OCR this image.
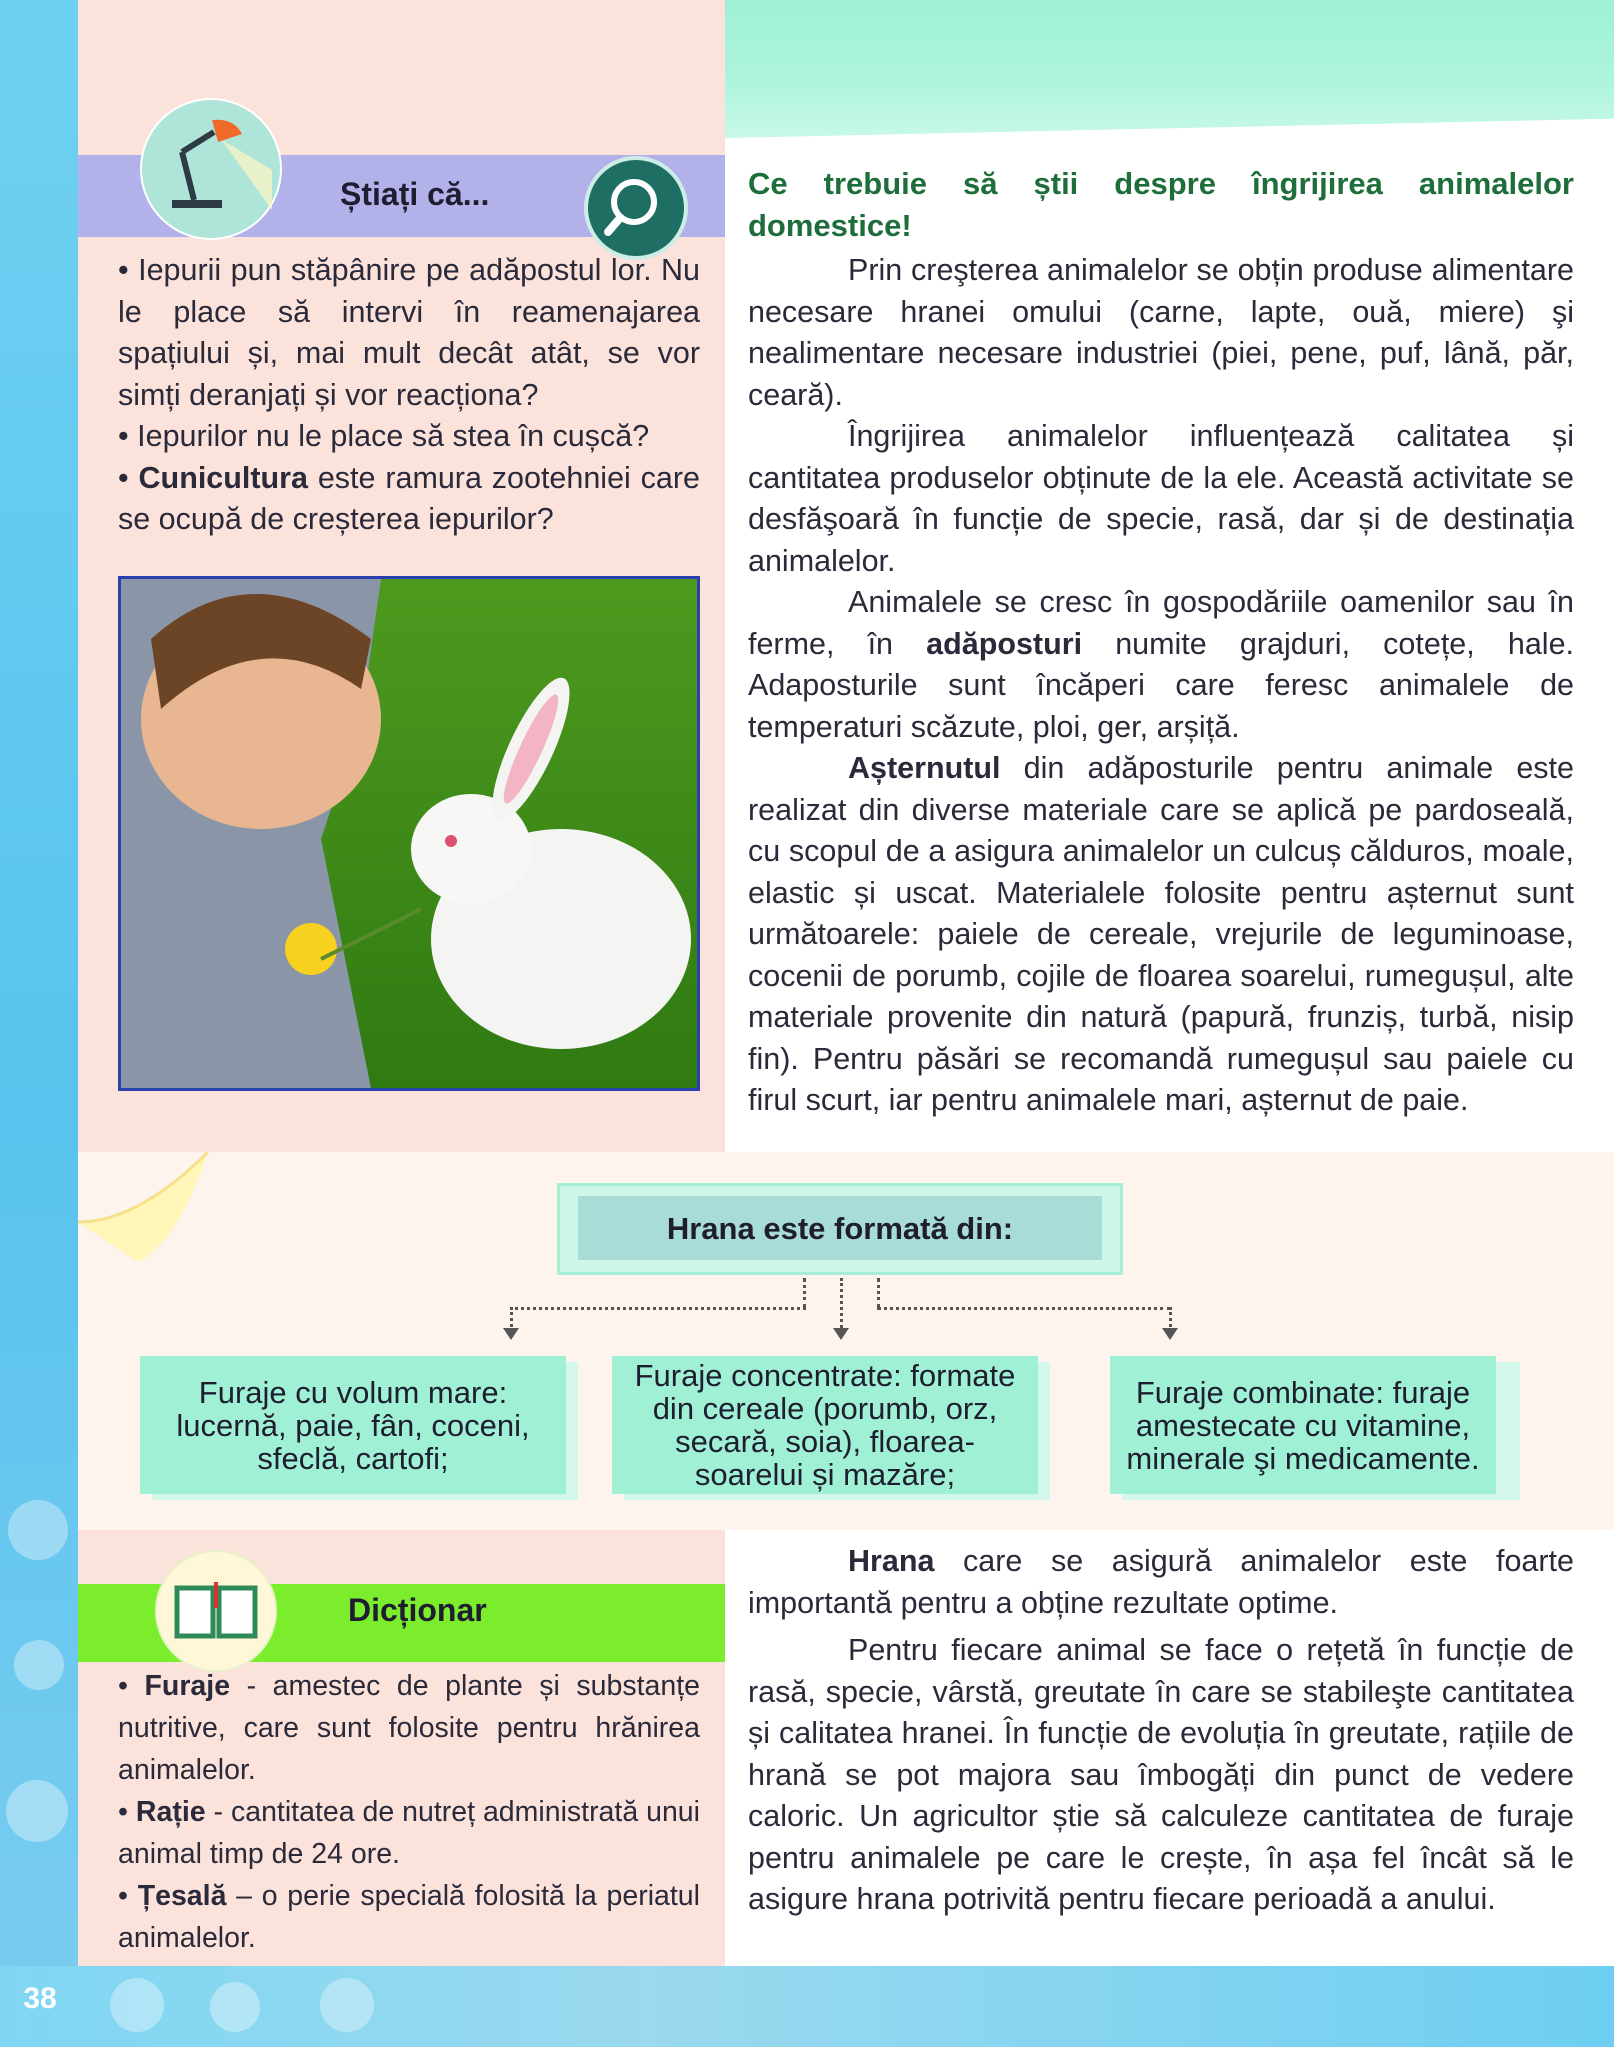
Știați că...

• Iepurii pun stăpânire pe adăpostul lor. Nu le place să intervi în reamenajarea spațiului și, mai mult decât atât, se vor simți deranjați și vor reacționa?

• Iepurilor nu le place să stea în cușcă?

• Cunicultura este ramura zootehniei care se ocupă de creșterea iepurilor?

Ce trebuie să știi despre îngrijirea animalelor domestice!

Prin creşterea animalelor se obțin produse alimentare necesare hranei omului (carne, lapte, ouă, miere) şi nealimentare necesare industriei (piei, pene, puf, lână, păr, ceară).

Îngrijirea animalelor influențează calitatea și cantitatea produselor obținute de la ele. Această activitate se desfăşoară în funcție de specie, rasă, dar și de destinația animalelor.

Animalele se cresc în gospodăriile oamenilor sau în ferme, în adăposturi numite grajduri, cotețe, hale. Adaposturile sunt încăperi care feresc animalele de temperaturi scăzute, ploi, ger, arșiță.

Așternutul din adăposturile pentru animale este realizat din diverse materiale care se aplică pe pardoseală, cu scopul de a asigura animalelor un culcuș călduros, moale, elastic și uscat. Materialele folosite pentru așternut sunt următoarele: paiele de cereale, vrejurile de leguminoase, cocenii de porumb, cojile de floarea soarelui, rumegușul, alte materiale provenite din natură (papură, frunziș, turbă, nisip fin). Pentru păsări se recomandă rumegușul sau paiele cu firul scurt, iar pentru animalele mari, așternut de paie.

Hrana este formată din:
Furaje cu volum mare: lucernă, paie, fân, coceni, sfeclă, cartofi;
Furaje concentrate: formate din cereale (porumb, orz, secară, soia), floarea-soarelui și mazăre;
Furaje combinate: furaje amestecate cu vitamine, minerale şi medicamente.
Dicționar

• Furaje - amestec de plante și substanțe nutritive, care sunt folosite pentru hrănirea animalelor.

• Rație - cantitatea de nutreț administrată unui animal timp de 24 ore.

• Țesală – o perie specială folosită la periatul animalelor.

Hrana care se asigură animalelor este foarte importantă pentru a obține rezultate optime.

Pentru fiecare animal se face o rețetă în funcție de rasă, specie, vârstă, greutate în care se stabileşte cantitatea și calitatea hranei. În funcție de evoluția în greutate, rațiile de hrană se pot majora sau îmbogăți din punct de vedere caloric. Un agricultor știe să calculeze cantitatea de furaje pentru animalele pe care le crește, în așa fel încât să le asigure hrana potrivită pentru fiecare perioadă a anului.

38
